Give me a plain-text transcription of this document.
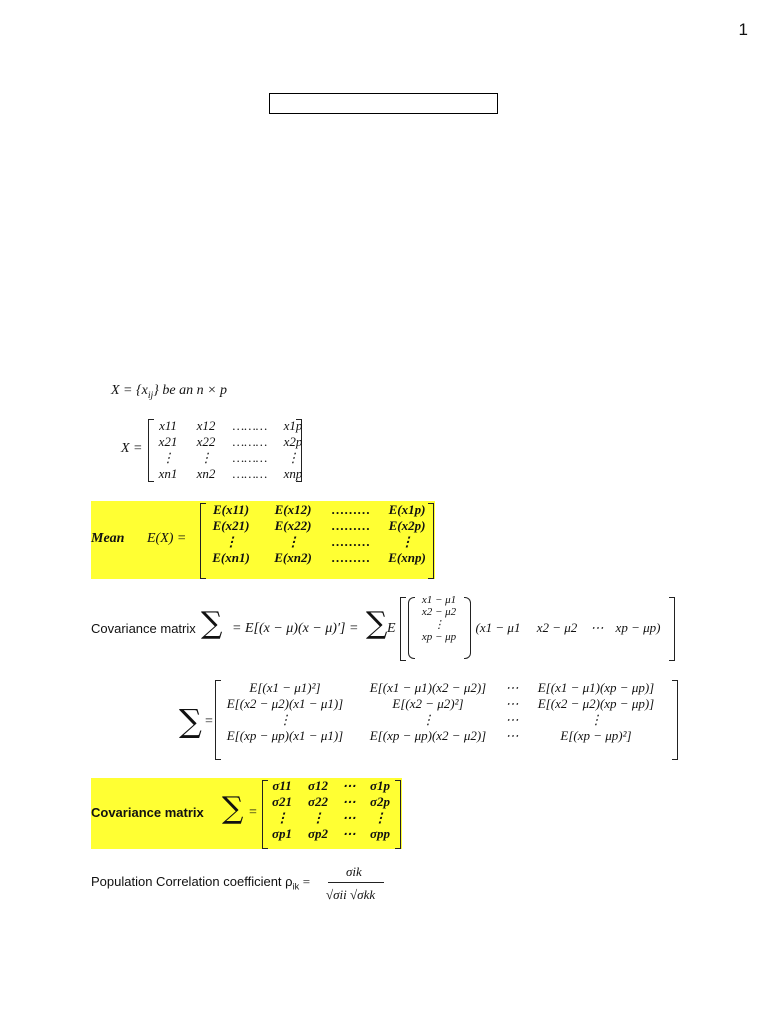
1
$X = \{x_{ij}\}$ be an n × p
X =
x11	x12	……… x1p
x21	x22	……… x2p
⋮	⋮	………	⋮
xn1	xn2	……… xnp
Mean E(X) =
E(x11)	E(x12)	………	E(x1p)
E(x21)	E(x22)	………	E(x2p)
⋮	⋮	………	⋮
E(xn1)	E(xn2)	………	E(xnp)
Covariance matrix ∑ = E[(x − μ)(x − μ)′] = ∑ E
x1 − μ1
x2 − μ2
⋮
xp − μp
(x1 − μ1	x2 − μ2	⋯ xp − μp)
∑ =
E[(x1 − μ1)²]	E[(x1 − μ1)(x2 − μ2)]	⋯	E[(x1 − μ1)(xp − μp)]
E[(x2 − μ2)(x1 − μ1)]	E[(x2 − μ2)²]	⋯	E[(x2 − μ2)(xp − μp)]
⋮	⋮	⋯	⋮
E[(xp − μp)(x1 − μ1)]	E[(xp − μp)(x2 − μ2)]	⋯	E[(xp − μp)²]
Covariance matrix ∑ =
σ11	σ12	⋯	σ1p
σ21	σ22	⋯	σ2p
⋮	⋮	⋯	⋮
σp1	σp2	⋯	σpp
Population Correlation coefficient $\rho_{ik}$ =
σik
√σii √σkk
